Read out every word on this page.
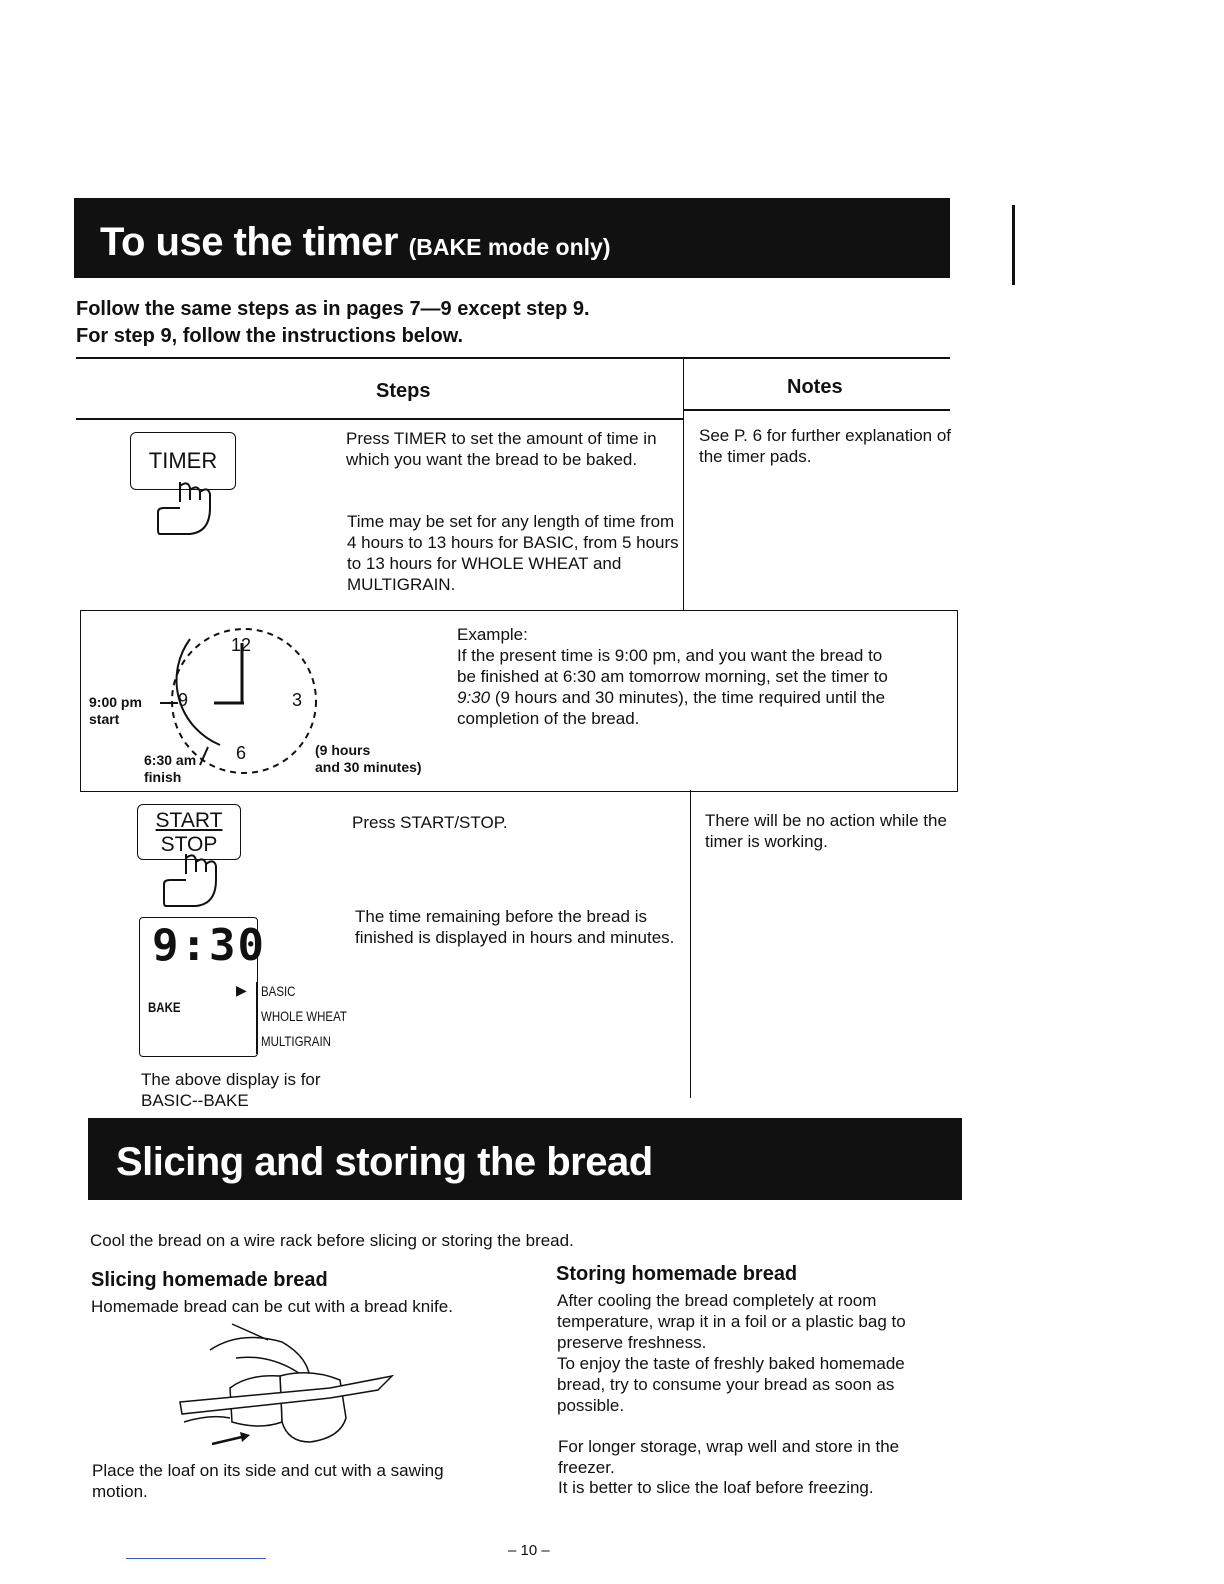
To use the timer (BAKE mode only)
Follow the same steps as in pages 7—9 except step 9.
For step 9, follow the instructions below.
Steps	Notes
TIMER
Press TIMER to set the amount of time in which you want the bread to be baked.
Time may be set for any length of time from 4 hours to 13 hours for BASIC, from 5 hours to 13 hours for WHOLE WHEAT and MULTIGRAIN.
See P. 6 for further explanation of the timer pads.
12
3
6
9
9:00 pm
start
6:30 am
finish
(9 hours
and 30 minutes)
Example:
If the present time is 9:00 pm, and you want the bread to be finished at 6:30 am tomorrow morning, set the timer to 9:30 (9 hours and 30 minutes), the time required until the completion of the bread.
START
STOP
Press START/STOP.	There will be no action while the timer is working.
The time remaining before the bread is finished is displayed in hours and minutes.
9:30
BAKE
▶ BASIC
WHOLE WHEAT
MULTIGRAIN
The above display is for
BASIC--BAKE
Slicing and storing the bread
Cool the bread on a wire rack before slicing or storing the bread.
Slicing homemade bread
Homemade bread can be cut with a bread knife.
Place the loaf on its side and cut with a sawing motion.
Storing homemade bread
After cooling the bread completely at room temperature, wrap it in a foil or a plastic bag to preserve freshness.
To enjoy the taste of freshly baked homemade bread, try to consume your bread as soon as possible.
For longer storage, wrap well and store in the freezer.
It is better to slice the loaf before freezing.
– 10 –
